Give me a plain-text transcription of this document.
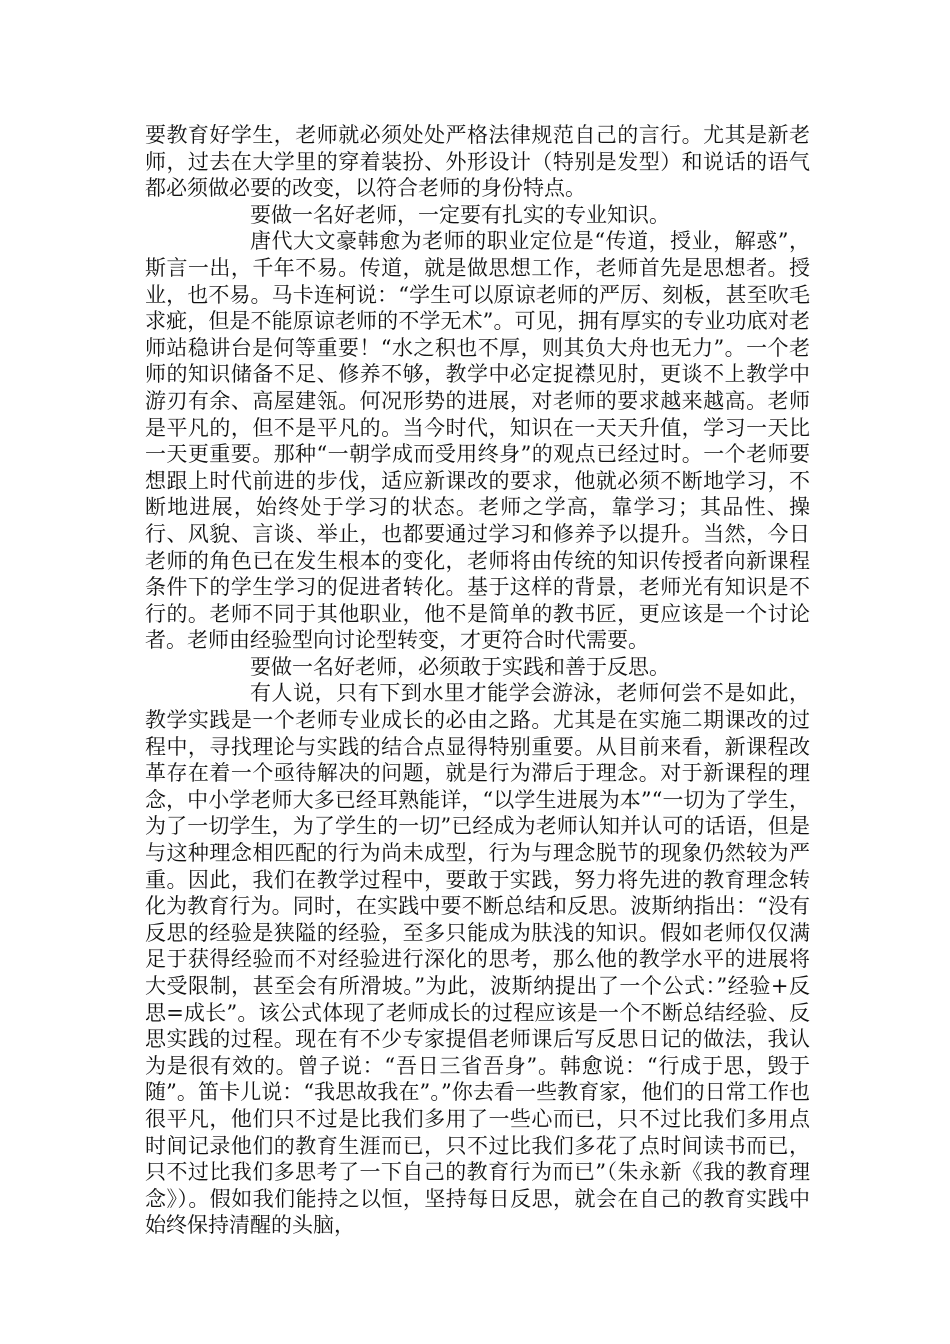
要教育好学生，老师就必须处处严格法律规范自己的言行。尤其是新老师，过去在大学里的穿着装扮、外形设计（特别是发型）和说话的语气都必须做必要的改变，以符合老师的身份特点。

要做一名好老师，一定要有扎实的专业知识。

唐代大文豪韩愈为老师的职业定位是“传道，授业，解惑”，斯言一出，千年不易。传道，就是做思想工作，老师首先是思想者。授业，也不易。马卡连柯说：“学生可以原谅老师的严厉、刻板，甚至吹毛求疵，但是不能原谅老师的不学无术”。可见，拥有厚实的专业功底对老师站稳讲台是何等重要！“水之积也不厚，则其负大舟也无力”。一个老师的知识储备不足、修养不够，教学中必定捉襟见肘，更谈不上教学中游刃有余、高屋建瓴。何况形势的进展，对老师的要求越来越高。老师是平凡的，但不是平凡的。当今时代，知识在一天天升值，学习一天比一天更重要。那种“一朝学成而受用终身”的观点已经过时。一个老师要想跟上时代前进的步伐，适应新课改的要求，他就必须不断地学习，不断地进展，始终处于学习的状态。老师之学高，靠学习；其品性、操行、风貌、言谈、举止，也都要通过学习和修养予以提升。当然，今日老师的角色已在发生根本的变化，老师将由传统的知识传授者向新课程条件下的学生学习的促进者转化。基于这样的背景，老师光有知识是不行的。老师不同于其他职业，他不是简单的教书匠，更应该是一个讨论者。老师由经验型向讨论型转变，才更符合时代需要。

要做一名好老师，必须敢于实践和善于反思。

有人说，只有下到水里才能学会游泳，老师何尝不是如此，教学实践是一个老师专业成长的必由之路。尤其是在实施二期课改的过程中，寻找理论与实践的结合点显得特别重要。从目前来看，新课程改革存在着一个亟待解决的问题，就是行为滞后于理念。对于新课程的理念，中小学老师大多已经耳熟能详，“以学生进展为本”“一切为了学生，为了一切学生，为了学生的一切”已经成为老师认知并认可的话语，但是与这种理念相匹配的行为尚未成型，行为与理念脱节的现象仍然较为严重。因此，我们在教学过程中，要敢于实践，努力将先进的教育理念转化为教育行为。同时，在实践中要不断总结和反思。波斯纳指出：“没有反思的经验是狭隘的经验，至多只能成为肤浅的知识。假如老师仅仅满足于获得经验而不对经验进行深化的思考，那么他的教学水平的进展将大受限制，甚至会有所滑坡。”为此，波斯纳提出了一个公式：”经验+反思=成长”。该公式体现了老师成长的过程应该是一个不断总结经验、反思实践的过程。现在有不少专家提倡老师课后写反思日记的做法，我认为是很有效的。曾子说：“吾日三省吾身”。韩愈说：“行成于思，毁于随”。笛卡儿说：“我思故我在”。”你去看一些教育家，他们的日常工作也很平凡，他们只不过是比我们多用了一些心而已，只不过比我们多用点时间记录他们的教育生涯而已，只不过比我们多花了点时间读书而已，只不过比我们多思考了一下自己的教育行为而已”（朱永新《我的教育理念》）。假如我们能持之以恒，坚持每日反思，就会在自己的教育实践中始终保持清醒的头脑，
